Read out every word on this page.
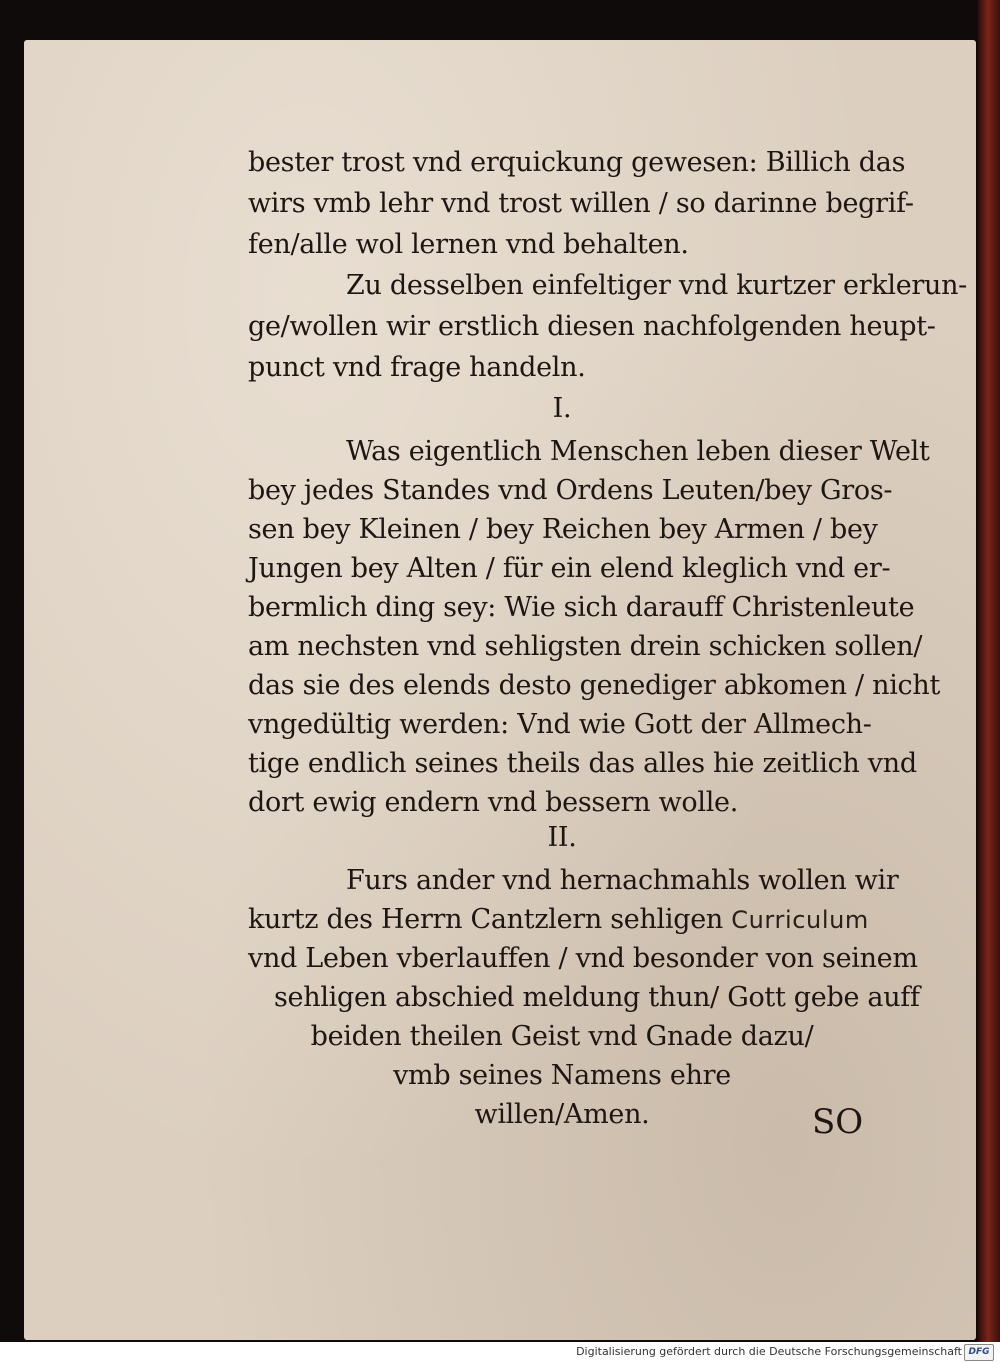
bester trost vnd erquickung gewesen: Billich das
wirs vmb lehr vnd trost willen / so darinne begrif-
fen/alle wol lernen vnd behalten.
Zu desselben einfeltiger vnd kurtzer erklerun-
ge/wollen wir erstlich diesen nachfolgenden heupt-
punct vnd frage handeln.
I.
Was eigentlich Menschen leben dieser Welt
bey jedes Standes vnd Ordens Leuten/bey Gros-
sen bey Kleinen / bey Reichen bey Armen / bey
Jungen bey Alten / für ein elend kleglich vnd er-
bermlich ding sey: Wie sich darauff Christenleute
am nechsten vnd sehligsten drein schicken sollen/
das sie des elends desto genediger abkomen / nicht
vngedültig werden: Vnd wie Gott der Allmech-
tige endlich seines theils das alles hie zeitlich vnd
dort ewig endern vnd bessern wolle.
II.
Furs ander vnd hernachmahls wollen wir
kurtz des Herrn Cantzlern sehligen Curriculum
vnd Leben vberlauffen / vnd besonder von seinem
sehligen abschied meldung thun/ Gott gebe auff
beiden theilen Geist vnd Gnade dazu/
vmb seines Namens ehre
willen/Amen.	SO
Digitalisierung gefördert durch die Deutsche Forschungsgemeinschaft DFG
